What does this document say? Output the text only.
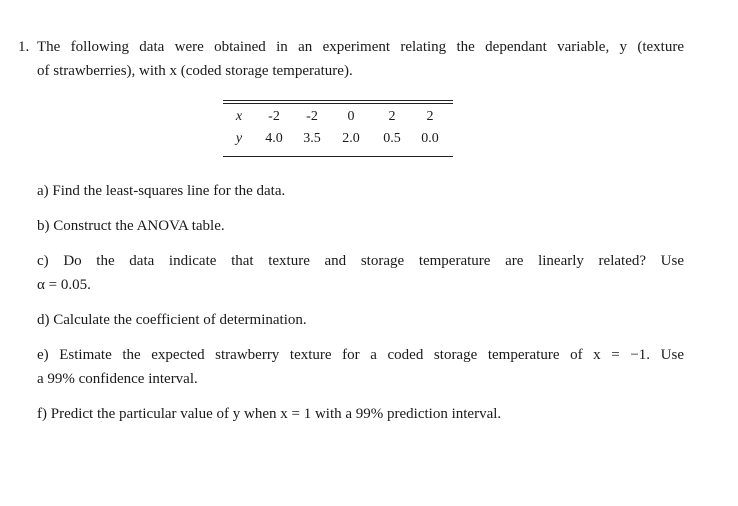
1. The following data were obtained in an experiment relating the dependant variable, y (texture
of strawberries), with x (coded storage temperature).
x	-2	-2	0	2	2
y	4.0	3.5	2.0	0.5	0.0
a) Find the least-squares line for the data.
b) Construct the ANOVA table.
c) Do the data indicate that texture and storage temperature are linearly related? Use
α = 0.05.
d) Calculate the coefficient of determination.
e) Estimate the expected strawberry texture for a coded storage temperature of x = −1. Use
a 99% confidence interval.
f) Predict the particular value of y when x = 1 with a 99% prediction interval.
